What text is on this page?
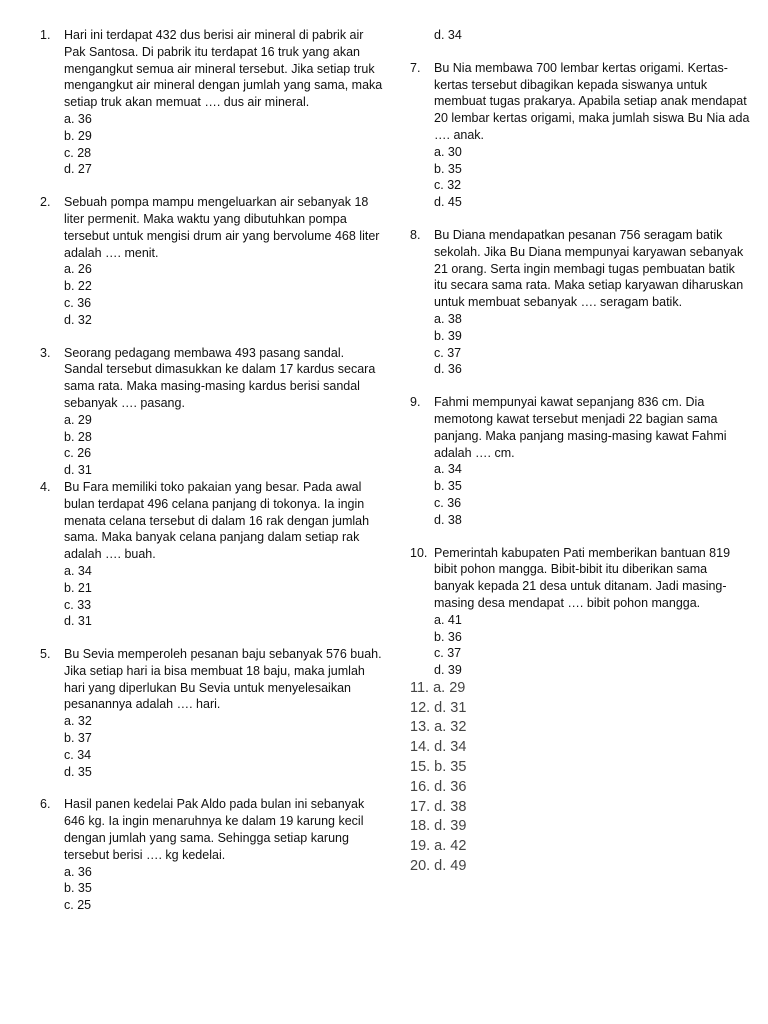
1. Hari ini terdapat 432 dus berisi air mineral di pabrik air Pak Santosa. Di pabrik itu terdapat 16 truk yang akan mengangkut semua air mineral tersebut. Jika setiap truk mengangkut air mineral dengan jumlah yang sama, maka setiap truk akan memuat …. dus air mineral.

a. 36

b. 29

c. 28

d. 27

2. Sebuah pompa mampu mengeluarkan air sebanyak 18 liter permenit. Maka waktu yang dibutuhkan pompa tersebut untuk mengisi drum air yang bervolume 468 liter adalah …. menit.

a. 26

b. 22

c. 36

d. 32

3. Seorang pedagang membawa 493 pasang sandal. Sandal tersebut dimasukkan ke dalam 17 kardus secara sama rata. Maka masing-masing kardus berisi sandal sebanyak …. pasang.

a. 29

b. 28

c. 26

d. 31

4. Bu Fara memiliki toko pakaian yang besar. Pada awal bulan terdapat 496 celana panjang di tokonya. Ia ingin menata celana tersebut di dalam 16 rak dengan jumlah sama. Maka banyak celana panjang dalam setiap rak adalah …. buah.

a. 34

b. 21

c. 33

d. 31

5. Bu Sevia memperoleh pesanan baju sebanyak 576 buah. Jika setiap hari ia bisa membuat 18 baju, maka jumlah hari yang diperlukan Bu Sevia untuk menyelesaikan pesanannya adalah …. hari.

a. 32

b. 37

c. 34

d. 35

6. Hasil panen kedelai Pak Aldo pada bulan ini sebanyak 646 kg. Ia ingin menaruhnya ke dalam 19 karung kecil dengan jumlah yang sama. Sehingga setiap karung tersebut berisi …. kg kedelai.

a. 36

b. 35

c. 25

d. 34

7. Bu Nia membawa 700 lembar kertas origami. Kertas-kertas tersebut dibagikan kepada siswanya untuk membuat tugas prakarya. Apabila setiap anak mendapat 20 lembar kertas origami, maka jumlah siswa Bu Nia ada …. anak.

a. 30

b. 35

c. 32

d. 45

8. Bu Diana mendapatkan pesanan 756 seragam batik sekolah. Jika Bu Diana mempunyai karyawan sebanyak 21 orang. Serta ingin membagi tugas pembuatan batik itu secara sama rata. Maka setiap karyawan diharuskan untuk membuat sebanyak …. seragam batik.

a. 38

b. 39

c. 37

d. 36

9. Fahmi mempunyai kawat sepanjang 836 cm. Dia memotong kawat tersebut menjadi 22 bagian sama panjang. Maka panjang masing-masing kawat Fahmi adalah …. cm.

a. 34

b. 35

c. 36

d. 38

10. Pemerintah kabupaten Pati memberikan bantuan 819 bibit pohon mangga. Bibit-bibit itu diberikan sama banyak kepada 21 desa untuk ditanam. Jadi masing-masing desa mendapat …. bibit pohon mangga.

a. 41

b. 36

c. 37

d. 39

11. a. 29
12. d. 31
13. a. 32
14. d. 34
15. b. 35
16. d. 36
17. d. 38
18. d. 39
19. a. 42
20. d. 49
